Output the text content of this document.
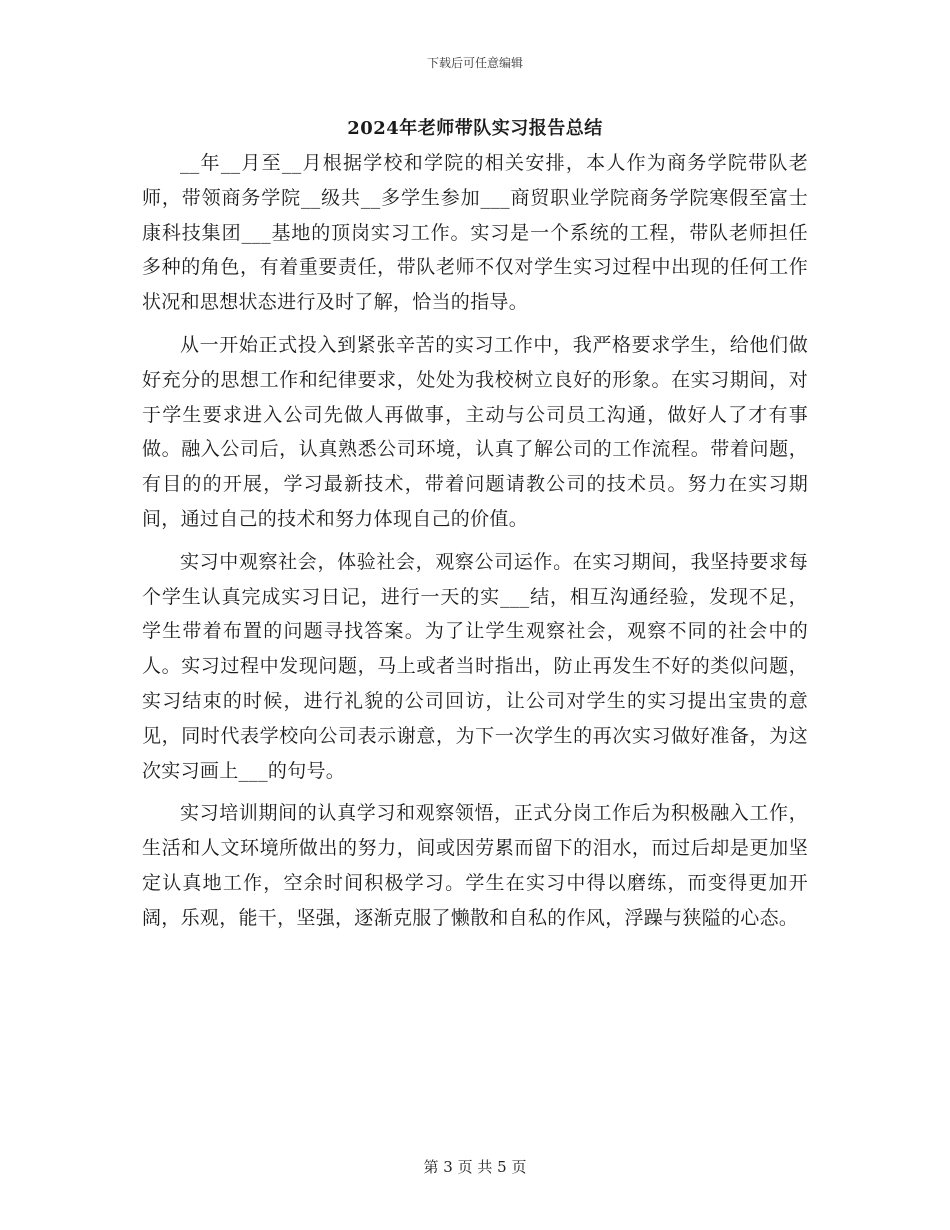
下载后可任意编辑
2024年老师带队实习报告总结

__年__月至__月根据学校和学院的相关安排，本人作为商务学院带队老师，带领商务学院__级共__多学生参加___商贸职业学院商务学院寒假至富士康科技集团___基地的顶岗实习工作。实习是一个系统的工程，带队老师担任多种的角色，有着重要责任，带队老师不仅对学生实习过程中出现的任何工作状况和思想状态进行及时了解，恰当的指导。

从一开始正式投入到紧张辛苦的实习工作中，我严格要求学生，给他们做好充分的思想工作和纪律要求，处处为我校树立良好的形象。在实习期间，对于学生要求进入公司先做人再做事，主动与公司员工沟通，做好人了才有事做。融入公司后，认真熟悉公司环境，认真了解公司的工作流程。带着问题，有目的的开展，学习最新技术，带着问题请教公司的技术员。努力在实习期间，通过自己的技术和努力体现自己的价值。

实习中观察社会，体验社会，观察公司运作。在实习期间，我坚持要求每个学生认真完成实习日记，进行一天的实___结，相互沟通经验，发现不足，学生带着布置的问题寻找答案。为了让学生观察社会，观察不同的社会中的人。实习过程中发现问题，马上或者当时指出，防止再发生不好的类似问题，实习结束的时候，进行礼貌的公司回访，让公司对学生的实习提出宝贵的意见，同时代表学校向公司表示谢意，为下一次学生的再次实习做好准备，为这次实习画上___的句号。

实习培训期间的认真学习和观察领悟，正式分岗工作后为积极融入工作，生活和人文环境所做出的努力，间或因劳累而留下的泪水，而过后却是更加坚定认真地工作，空余时间积极学习。学生在实习中得以磨练，而变得更加开阔，乐观，能干，坚强，逐渐克服了懒散和自私的作风，浮躁与狭隘的心态。

第 3 页 共 5 页
